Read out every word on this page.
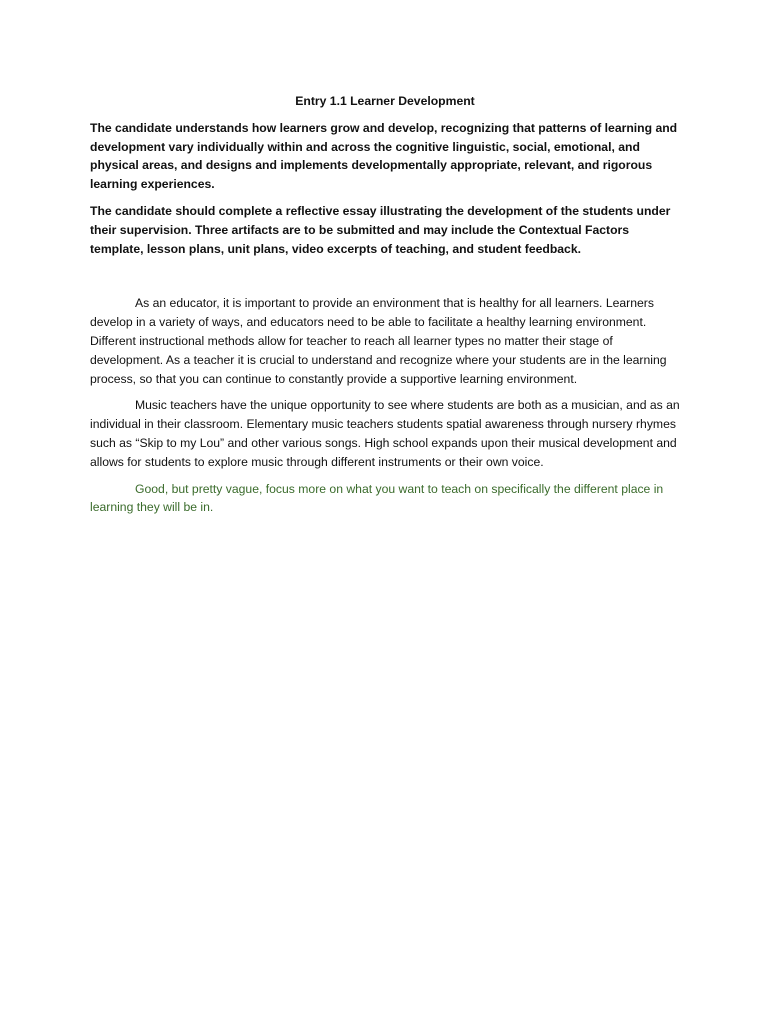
Entry 1.1 Learner Development

The candidate understands how learners grow and develop, recognizing that patterns of learning and development vary individually within and across the cognitive linguistic, social, emotional, and physical areas, and designs and implements developmentally appropriate, relevant, and rigorous learning experiences.

The candidate should complete a reflective essay illustrating the development of the students under their supervision. Three artifacts are to be submitted and may include the Contextual Factors template, lesson plans, unit plans, video excerpts of teaching, and student feedback.

As an educator, it is important to provide an environment that is healthy for all learners. Learners develop in a variety of ways, and educators need to be able to facilitate a healthy learning environment. Different instructional methods allow for teacher to reach all learner types no matter their stage of development. As a teacher it is crucial to understand and recognize where your students are in the learning process, so that you can continue to constantly provide a supportive learning environment.

Music teachers have the unique opportunity to see where students are both as a musician, and as an individual in their classroom. Elementary music teachers students spatial awareness through nursery rhymes such as “Skip to my Lou” and other various songs. High school expands upon their musical development and allows for students to explore music through different instruments or their own voice.

Good, but pretty vague, focus more on what you want to teach on specifically the different place in learning they will be in.
